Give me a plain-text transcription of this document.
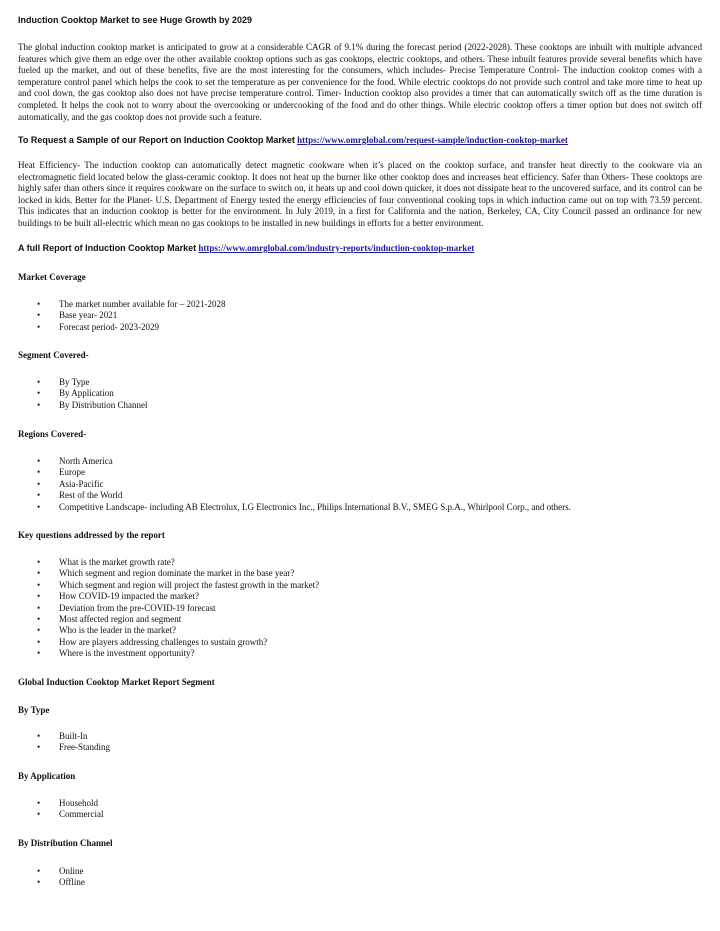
Induction Cooktop Market to see Huge Growth by 2029

The global induction cooktop market is anticipated to grow at a considerable CAGR of 9.1% during the forecast period (2022-2028). These cooktops are inbuilt with multiple advanced features which give them an edge over the other available cooktop options such as gas cooktops, electric cooktops, and others. These inbuilt features provide several benefits which have fueled up the market, and out of these benefits, five are the most interesting for the consumers, which includes- Precise Temperature Control- The induction cooktop comes with a temperature control panel which helps the cook to set the temperature as per convenience for the food. While electric cooktops do not provide such control and take more time to heat up and cool down, the gas cooktop also does not have precise temperature control. Timer- Induction cooktop also provides a timer that can automatically switch off as the time duration is completed. It helps the cook not to worry about the overcooking or undercooking of the food and do other things. While electric cooktop offers a timer option but does not switch off automatically, and the gas cooktop does not provide such a feature.

To Request a Sample of our Report on Induction Cooktop Market https://www.omrglobal.com/request-sample/induction-cooktop-market

Heat Efficiency- The induction cooktop can automatically detect magnetic cookware when it’s placed on the cooktop surface, and transfer heat directly to the cookware via an electromagnetic field located below the glass-ceramic cooktop. It does not heat up the burner like other cooktop does and increases heat efficiency. Safer than Others- These cooktops are highly safer than others since it requires cookware on the surface to switch on, it heats up and cool down quicker, it does not dissipate heat to the uncovered surface, and its control can be locked in kids. Better for the Planet- U.S. Department of Energy tested the energy efficiencies of four conventional cooking tops in which induction came out on top with 73.59 percent. This indicates that an induction cooktop is better for the environment. In July 2019, in a first for California and the nation, Berkeley, CA, City Council passed an ordinance for new buildings to be built all-electric which mean no gas cooktops to be installed in new buildings in efforts for a better environment.

A full Report of Induction Cooktop Market https://www.omrglobal.com/industry-reports/induction-cooktop-market
Market Coverage
• The market number available for – 2021-2028
• Base year- 2021
• Forecast period- 2023-2029
Segment Covered-
• By Type
• By Application
• By Distribution Channel
Regions Covered-
• North America
• Europe
• Asia-Pacific
• Rest of the World
• Competitive Landscape- including AB Electrolux, LG Electronics Inc., Philips International B.V., SMEG S.p.A., Whirlpool Corp., and others.
Key questions addressed by the report
• What is the market growth rate?
• Which segment and region dominate the market in the base year?
• Which segment and region will project the fastest growth in the market?
• How COVID-19 impacted the market?
• Deviation from the pre-COVID-19 forecast
• Most affected region and segment
• Who is the leader in the market?
• How are players addressing challenges to sustain growth?
• Where is the investment opportunity?
Global Induction Cooktop Market Report Segment
By Type
• Built-In
• Free-Standing
By Application
• Household
• Commercial
By Distribution Channel
• Online
• Offline
